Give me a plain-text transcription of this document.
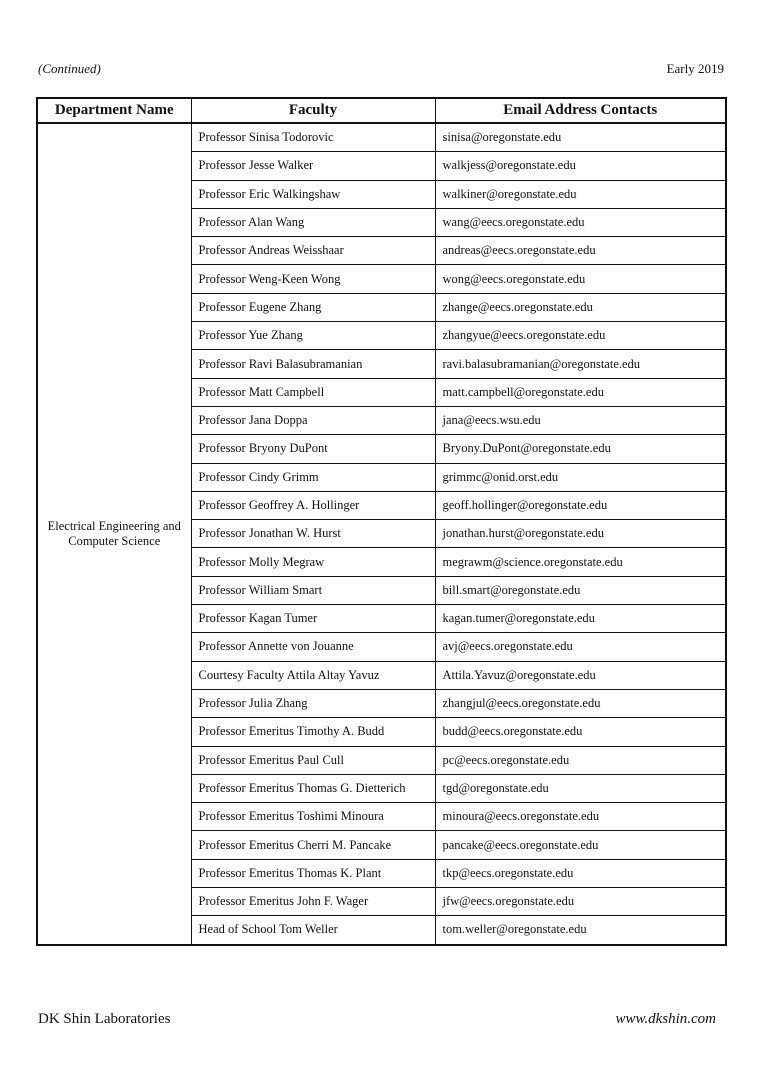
(Continued)	Early 2019
Department Name	Faculty	Email Address Contacts
Electrical Engineering and Computer Science	Professor Sinisa Todorovic	sinisa@oregonstate.edu
	Professor Jesse Walker	walkjess@oregonstate.edu
	Professor Eric Walkingshaw	walkiner@oregonstate.edu
	Professor Alan Wang	wang@eecs.oregonstate.edu
	Professor Andreas Weisshaar	andreas@eecs.oregonstate.edu
	Professor Weng-Keen Wong	wong@eecs.oregonstate.edu
	Professor Eugene Zhang	zhange@eecs.oregonstate.edu
	Professor Yue Zhang	zhangyue@eecs.oregonstate.edu
	Professor Ravi Balasubramanian	ravi.balasubramanian@oregonstate.edu
	Professor Matt Campbell	matt.campbell@oregonstate.edu
	Professor Jana Doppa	jana@eecs.wsu.edu
	Professor Bryony DuPont	Bryony.DuPont@oregonstate.edu
	Professor Cindy Grimm	grimmc@onid.orst.edu
	Professor Geoffrey A. Hollinger	geoff.hollinger@oregonstate.edu
	Professor Jonathan W. Hurst	jonathan.hurst@oregonstate.edu
	Professor Molly Megraw	megrawm@science.oregonstate.edu
	Professor William Smart	bill.smart@oregonstate.edu
	Professor Kagan Tumer	kagan.tumer@oregonstate.edu
	Professor Annette von Jouanne	avj@eecs.oregonstate.edu
	Courtesy Faculty Attila Altay Yavuz	Attila.Yavuz@oregonstate.edu
	Professor Julia Zhang	zhangjul@eecs.oregonstate.edu
	Professor Emeritus Timothy A. Budd	budd@eecs.oregonstate.edu
	Professor Emeritus Paul Cull	pc@eecs.oregonstate.edu
	Professor Emeritus Thomas G. Dietterich	tgd@oregonstate.edu
	Professor Emeritus Toshimi Minoura	minoura@eecs.oregonstate.edu
	Professor Emeritus Cherri M. Pancake	pancake@eecs.oregonstate.edu
	Professor Emeritus Thomas K. Plant	tkp@eecs.oregonstate.edu
	Professor Emeritus John F. Wager	jfw@eecs.oregonstate.edu
	Head of School Tom Weller	tom.weller@oregonstate.edu
DK Shin Laboratories	www.dkshin.com
